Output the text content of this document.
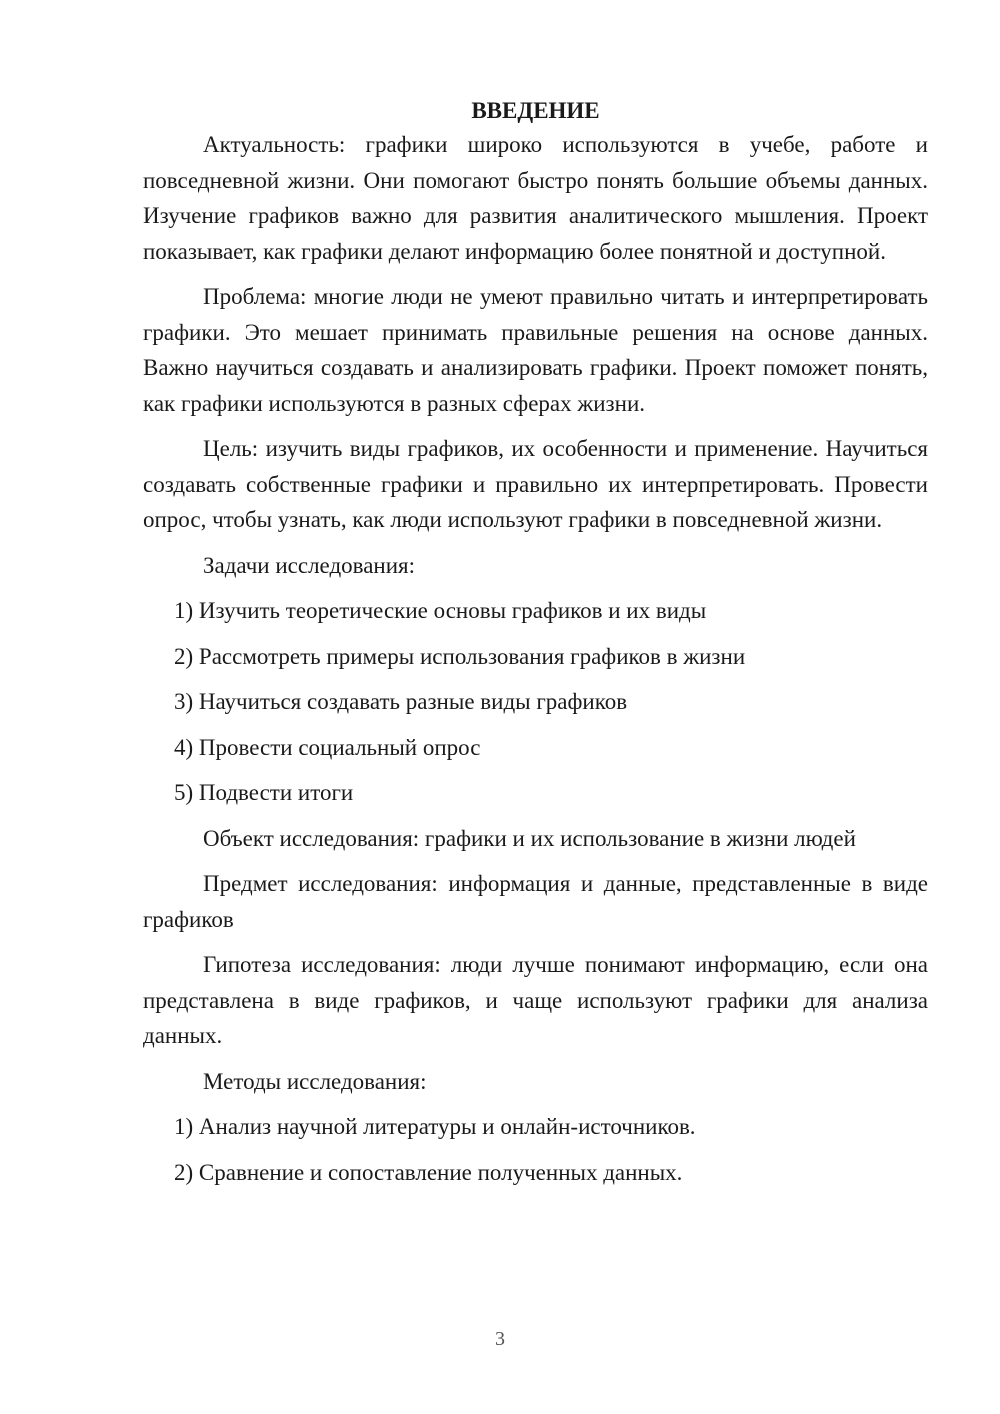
ВВЕДЕНИЕ

Актуальность: графики широко используются в учебе, работе и повседневной жизни. Они помогают быстро понять большие объемы данных. Изучение графиков важно для развития аналитического мышления. Проект показывает, как графики делают информацию более понятной и доступной.

Проблема: многие люди не умеют правильно читать и интерпретировать графики. Это мешает принимать правильные решения на основе данных. Важно научиться создавать и анализировать графики. Проект поможет понять, как графики используются в разных сферах жизни.

Цель: изучить виды графиков, их особенности и применение. Научиться создавать собственные графики и правильно их интерпретировать. Провести опрос, чтобы узнать, как люди используют графики в повседневной жизни.

Задачи исследования:

1) Изучить теоретические основы графиков и их виды
2) Рассмотреть примеры использования графиков в жизни
3) Научиться создавать разные виды графиков
4) Провести социальный опрос
5) Подвести итоги

Объект исследования: графики и их использование в жизни людей

Предмет исследования: информация и данные, представленные в виде графиков

Гипотеза исследования: люди лучше понимают информацию, если она представлена в виде графиков, и чаще используют графики для анализа данных.

Методы исследования:

1) Анализ научной литературы и онлайн-источников.
2) Сравнение и сопоставление полученных данных.
3
